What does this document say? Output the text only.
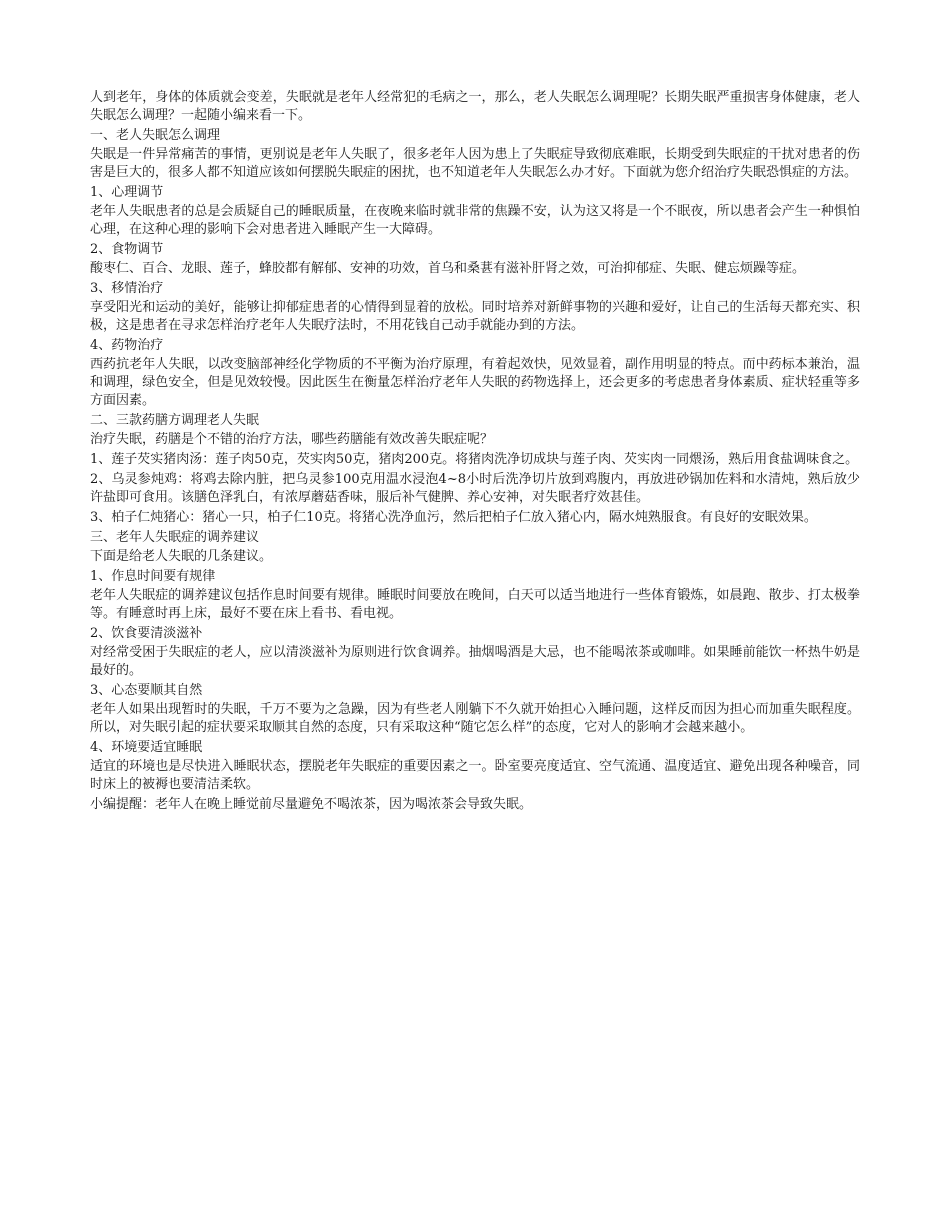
人到老年，身体的体质就会变差，失眠就是老年人经常犯的毛病之一，那么，老人失眠怎么调理呢？长期失眠严重损害身体健康，老人失眠怎么调理？一起随小编来看一下。

一、老人失眠怎么调理

失眠是一件异常痛苦的事情，更别说是老年人失眠了，很多老年人因为患上了失眠症导致彻底难眠，长期受到失眠症的干扰对患者的伤害是巨大的，很多人都不知道应该如何摆脱失眠症的困扰，也不知道老年人失眠怎么办才好。下面就为您介绍治疗失眠恐惧症的方法。

1、心理调节

老年人失眠患者的总是会质疑自己的睡眠质量，在夜晚来临时就非常的焦躁不安，认为这又将是一个不眠夜，所以患者会产生一种惧怕心理，在这种心理的影响下会对患者进入睡眠产生一大障碍。

2、食物调节

酸枣仁、百合、龙眼、莲子，蜂胶都有解郁、安神的功效，首乌和桑葚有滋补肝肾之效，可治抑郁症、失眠、健忘烦躁等症。

3、移情治疗

享受阳光和运动的美好，能够让抑郁症患者的心情得到显着的放松。同时培养对新鲜事物的兴趣和爱好，让自己的生活每天都充实、积极，这是患者在寻求怎样治疗老年人失眠疗法时，不用花钱自己动手就能办到的方法。

4、药物治疗

西药抗老年人失眠，以改变脑部神经化学物质的不平衡为治疗原理，有着起效快，见效显着，副作用明显的特点。而中药标本兼治，温和调理，绿色安全，但是见效较慢。因此医生在衡量怎样治疗老年人失眠的药物选择上，还会更多的考虑患者身体素质、症状轻重等多方面因素。

二、三款药膳方调理老人失眠

治疗失眠，药膳是个不错的治疗方法，哪些药膳能有效改善失眠症呢？

1、莲子芡实猪肉汤：莲子肉50克，芡实肉50克，猪肉200克。将猪肉洗净切成块与莲子肉、芡实肉一同煨汤，熟后用食盐调味食之。

2、乌灵参炖鸡：将鸡去除内脏，把乌灵参100克用温水浸泡4~8小时后洗净切片放到鸡腹内，再放进砂锅加佐料和水清炖，熟后放少许盐即可食用。该膳色泽乳白，有浓厚蘑菇香味，服后补气健脾、养心安神，对失眠者疗效甚佳。

3、柏子仁炖猪心：猪心一只，柏子仁10克。将猪心洗净血污，然后把柏子仁放入猪心内，隔水炖熟服食。有良好的安眠效果。

三、老年人失眠症的调养建议

下面是给老人失眠的几条建议。

1、作息时间要有规律

老年人失眠症的调养建议包括作息时间要有规律。睡眠时间要放在晚间，白天可以适当地进行一些体育锻炼，如晨跑、散步、打太极拳等。有睡意时再上床，最好不要在床上看书、看电视。

2、饮食要清淡滋补

对经常受困于失眠症的老人，应以清淡滋补为原则进行饮食调养。抽烟喝酒是大忌，也不能喝浓茶或咖啡。如果睡前能饮一杯热牛奶是最好的。

3、心态要顺其自然

老年人如果出现暂时的失眠，千万不要为之急躁，因为有些老人刚躺下不久就开始担心入睡问题，这样反而因为担心而加重失眠程度。所以，对失眠引起的症状要采取顺其自然的态度，只有采取这种“随它怎么样”的态度，它对人的影响才会越来越小。

4、环境要适宜睡眠

适宜的环境也是尽快进入睡眠状态，摆脱老年失眠症的重要因素之一。卧室要亮度适宜、空气流通、温度适宜、避免出现各种噪音，同时床上的被褥也要清洁柔软。

小编提醒：老年人在晚上睡觉前尽量避免不喝浓茶，因为喝浓茶会导致失眠。
